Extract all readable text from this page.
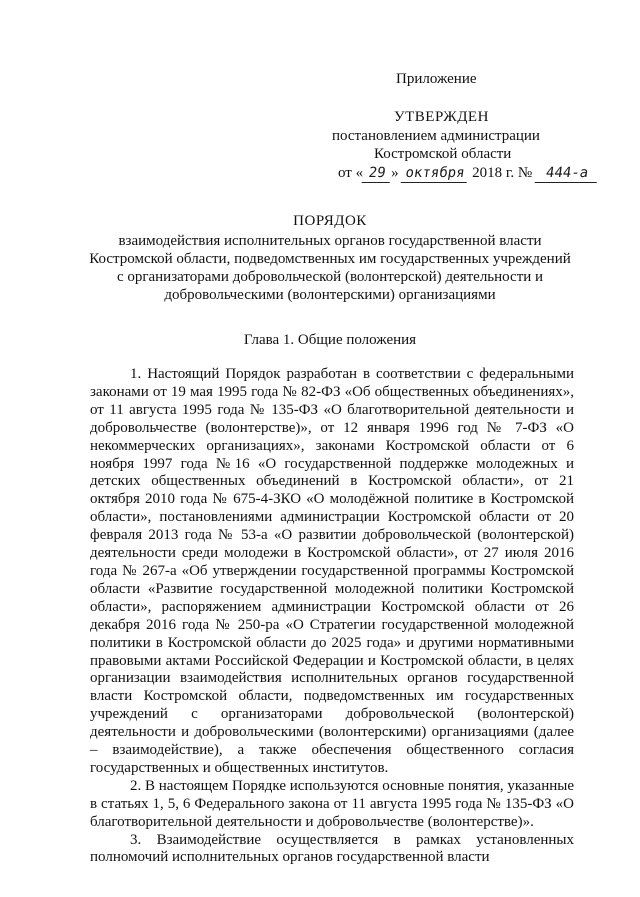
Приложение
УТВЕРЖДЕН
постановлением администрации
Костромской области
от « 29 » октября 2018 г. № 444-а
ПОРЯДОК
взаимодействия исполнительных органов государственной власти
Костромской области, подведомственных им государственных учреждений
с организаторами добровольческой (волонтерской) деятельности и
добровольческими (волонтерскими) организациями
Глава 1. Общие положения

1. Настоящий Порядок разработан в соответствии с федеральными законами от 19 мая 1995 года № 82-ФЗ «Об общественных объединениях», от 11 августа 1995 года № 135-ФЗ «О благотворительной деятельности и добровольчестве (волонтерстве)», от 12 января 1996 год № 7-ФЗ «О некоммерческих организациях», законами Костромской области от 6 ноября 1997 года №16 «О государственной поддержке молодежных и детских общественных объединений в Костромской области», от 21 октября 2010 года № 675-4-ЗКО «О молодёжной политике в Костромской области», постановлениями администрации Костромской области от 20 февраля 2013 года № 53-а «О развитии добровольческой (волонтерской) деятельности среди молодежи в Костромской области», от 27 июля 2016 года № 267-а «Об утверждении государственной программы Костромской области «Развитие государственной молодежной политики Костромской области», распоряжением администрации Костромской области от 26 декабря 2016 года № 250-ра «О Стратегии государственной молодежной политики в Костромской области до 2025 года» и другими нормативными правовыми актами Российской Федерации и Костромской области, в целях организации взаимодействия исполнительных органов государственной власти Костромской области, подведомственных им государственных учреждений с организаторами добровольческой (волонтерской) деятельности и добровольческими (волонтерскими) организациями (далее – взаимодействие), а также обеспечения общественного согласия государственных и общественных институтов.

2. В настоящем Порядке используются основные понятия, указанные в статьях 1, 5, 6 Федерального закона от 11 августа 1995 года № 135-ФЗ «О благотворительной деятельности и добровольчестве (волонтерстве)».

3. Взаимодействие осуществляется в рамках установленных полномочий исполнительных органов государственной власти
